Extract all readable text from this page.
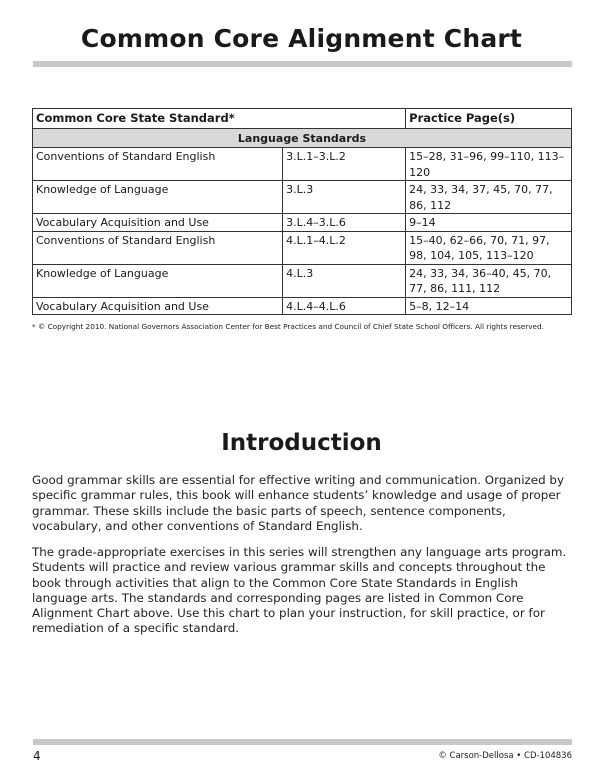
Common Core Alignment Chart
Common Core State Standard*		Practice Page(s)
Language Standards		
Conventions of Standard English	3.L.1–3.L.2	15–28, 31–96, 99–110, 113–120
Knowledge of Language	3.L.3	24, 33, 34, 37, 45, 70, 77, 86, 112
Vocabulary Acquisition and Use	3.L.4–3.L.6	9–14
Conventions of Standard English	4.L.1–4.L.2	15–40, 62–66, 70, 71, 97, 98, 104, 105, 113–120
Knowledge of Language	4.L.3	24, 33, 34, 36–40, 45, 70, 77, 86, 111, 112
Vocabulary Acquisition and Use	4.L.4–4.L.6	5–8, 12–14
* © Copyright 2010. National Governors Association Center for Best Practices and Council of Chief State School Officers. All rights reserved.
Introduction
Good grammar skills are essential for effective writing and communication. Organized by specific grammar rules, this book will enhance students’ knowledge and usage of proper grammar. These skills include the basic parts of speech, sentence components, vocabulary, and other conventions of Standard English.
The grade-appropriate exercises in this series will strengthen any language arts program. Students will practice and review various grammar skills and concepts throughout the book through activities that align to the Common Core State Standards in English language arts. The standards and corresponding pages are listed in Common Core Alignment Chart above. Use this chart to plan your instruction, for skill practice, or for remediation of a specific standard.
4	© Carson-Dellosa • CD-104836
